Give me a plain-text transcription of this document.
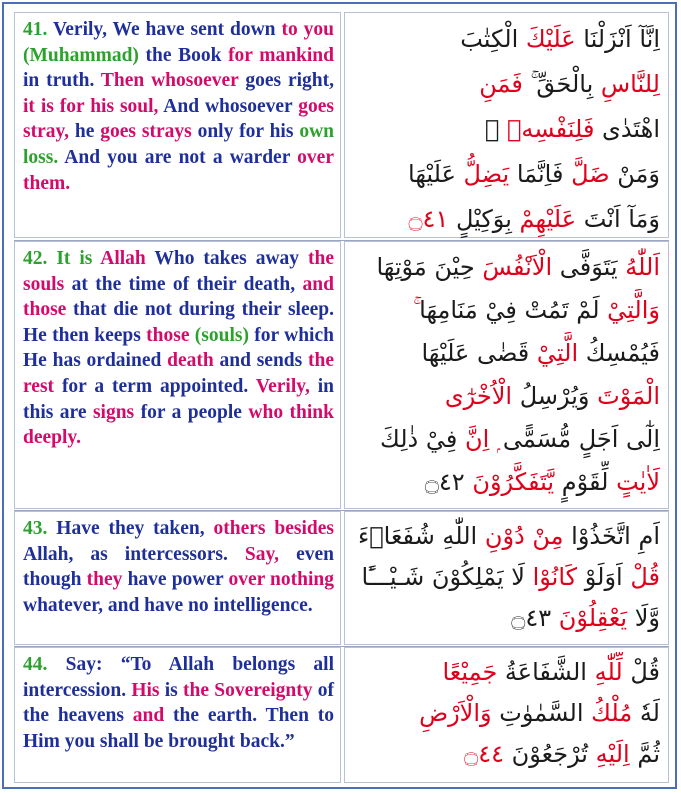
41. Verily, We have sent down to you (Muhammad) the Book for mankind in truth. Then whosoever goes right, it is for his soul, And whosoever goes stray, he goes strays only for his own loss. And you are not a warder over them.

اِنَّآ اَنْزَلْنَا عَلَيْكَ الْكِتٰبَ
لِلنَّاسِ بِالْحَقِّ ۚ فَمَنِ
اهْتَدٰى فَلِنَفْسِهٖ ۚ
وَمَنْ ضَلَّ فَاِنَّمَا يَضِلُّ عَلَيْهَا
وَمَآ اَنْتَ عَلَيْهِمْ بِوَكِيْلٍ ۝٤١

42. It is Allah Who takes away the souls at the time of their death, and those that die not during their sleep. He then keeps those (souls) for which He has ordained death and sends the rest for a term appointed. Verily, in this are signs for a people who think deeply.

اَللّٰهُ يَتَوَفَّى الْاَنْفُسَ حِيْنَ مَوْتِهَا
وَالَّتِيْ لَمْ تَمُتْ فِيْ مَنَامِهَا ۚ
فَيُمْسِكُ الَّتِيْ قَضٰى عَلَيْهَا
الْمَوْتَ وَيُرْسِلُ الْاُخْرٰٓى
اِلٰٓى اَجَلٍ مُّسَمًّى ۭ اِنَّ فِيْ ذٰلِكَ
لَاٰيٰتٍ لِّقَوْمٍ يَّتَفَكَّرُوْنَ ۝٤٢

43. Have they taken, others besides Allah, as intercessors. Say, even though they have power over nothing whatever, and have no intelligence.

اَمِ اتَّخَذُوْا مِنْ دُوْنِ اللّٰهِ شُفَعَاۗءَ
قُلْ اَوَلَوْ كَانُوْا لَا يَمْلِكُوْنَ شَـيْـــًٔا
وَّلَا يَعْقِلُوْنَ ۝٤٣

44. Say: “To Allah belongs all intercession. His is the Sovereignty of the heavens and the earth. Then to Him you shall be brought back.”

قُلْ لِّلّٰهِ الشَّفَاعَةُ جَمِيْعًا
لَهٗ مُلْكُ السَّمٰوٰتِ وَالْاَرْضِ
ثُمَّ اِلَيْهِ تُرْجَعُوْنَ ۝٤٤
